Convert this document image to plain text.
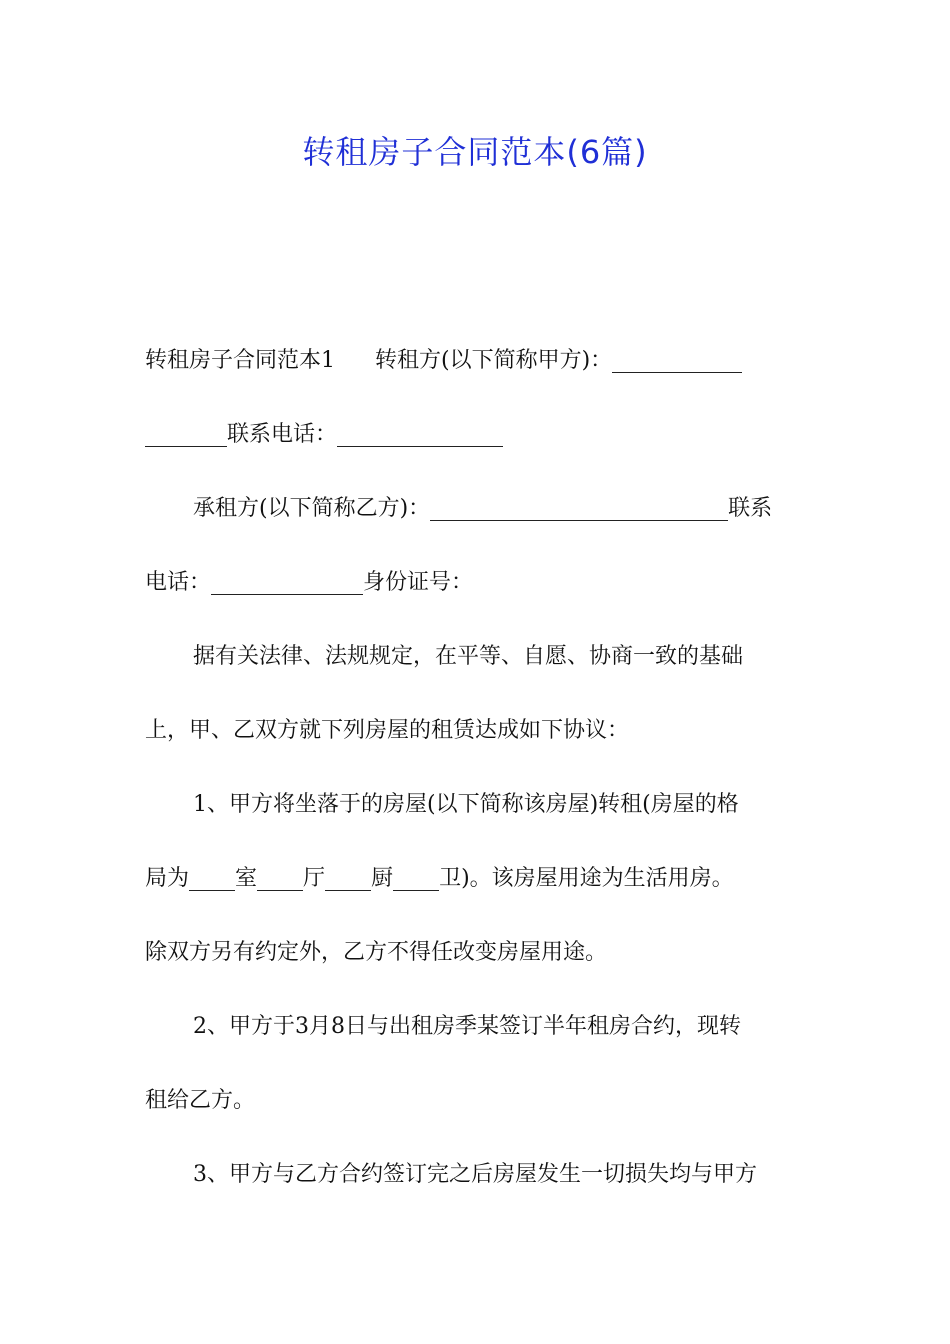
转租房子合同范本(6篇)
转租房子合同范本1 转租方(以下简称甲方)：
联系电话：
承租方(以下简称乙方)：	联系
电话：	身份证号：
据有关法律、法规规定，在平等、自愿、协商一致的基础
上，甲、乙双方就下列房屋的租赁达成如下协议：
1、甲方将坐落于的房屋(以下简称该房屋)转租(房屋的格
局为 室 厅 厨 卫)。该房屋用途为生活用房。
除双方另有约定外，乙方不得任改变房屋用途。
2、甲方于3月8日与出租房季某签订半年租房合约，现转
租给乙方。
3、甲方与乙方合约签订完之后房屋发生一切损失均与甲方
